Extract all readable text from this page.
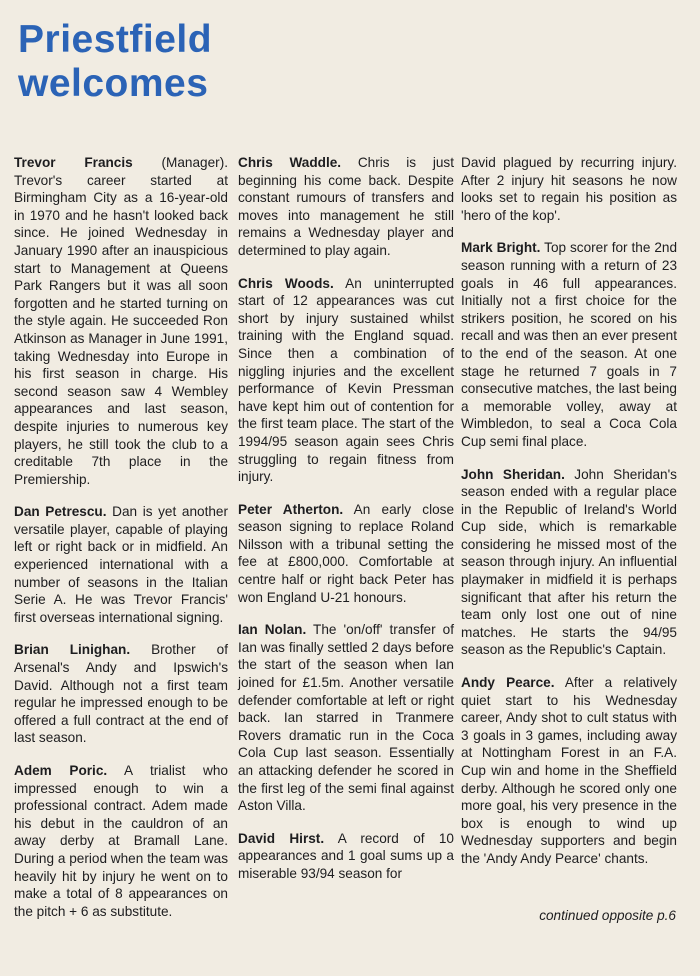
Priestfield
welcomes

Trevor Francis (Manager). Trevor's career started at Birmingham City as a 16-year-old in 1970 and he hasn't looked back since. He joined Wednesday in January 1990 after an inauspicious start to Management at Queens Park Rangers but it was all soon forgotten and he started turning on the style again. He succeeded Ron Atkinson as Manager in June 1991, taking Wednesday into Europe in his first season in charge. His second season saw 4 Wembley appearances and last season, despite injuries to numerous key players, he still took the club to a creditable 7th place in the Premiership.

Dan Petrescu. Dan is yet another versatile player, capable of playing left or right back or in midfield. An experienced international with a number of seasons in the Italian Serie A. He was Trevor Francis' first overseas international signing.

Brian Linighan. Brother of Arsenal's Andy and Ipswich's David. Although not a first team regular he impressed enough to be offered a full contract at the end of last season.

Adem Poric. A trialist who impressed enough to win a professional contract. Adem made his debut in the cauldron of an away derby at Bramall Lane. During a period when the team was heavily hit by injury he went on to make a total of 8 appearances on the pitch + 6 as substitute.

Chris Waddle. Chris is just beginning his come back. Despite constant rumours of transfers and moves into management he still remains a Wednesday player and determined to play again.

Chris Woods. An uninterrupted start of 12 appearances was cut short by injury sustained whilst training with the England squad. Since then a combination of niggling injuries and the excellent performance of Kevin Pressman have kept him out of contention for the first team place. The start of the 1994/95 season again sees Chris struggling to regain fitness from injury.

Peter Atherton. An early close season signing to replace Roland Nilsson with a tribunal setting the fee at £800,000. Comfortable at centre half or right back Peter has won England U-21 honours.

Ian Nolan. The 'on/off' transfer of Ian was finally settled 2 days before the start of the season when Ian joined for £1.5m. Another versatile defender comfortable at left or right back. Ian starred in Tranmere Rovers dramatic run in the Coca Cola Cup last season. Essentially an attacking defender he scored in the first leg of the semi final against Aston Villa.

David Hirst. A record of 10 appearances and 1 goal sums up a miserable 93/94 season for

David plagued by recurring injury. After 2 injury hit seasons he now looks set to regain his position as 'hero of the kop'.

Mark Bright. Top scorer for the 2nd season running with a return of 23 goals in 46 full appearances. Initially not a first choice for the strikers position, he scored on his recall and was then an ever present to the end of the season. At one stage he returned 7 goals in 7 consecutive matches, the last being a memorable volley, away at Wimbledon, to seal a Coca Cola Cup semi final place.

John Sheridan. John Sheridan's season ended with a regular place in the Republic of Ireland's World Cup side, which is remarkable considering he missed most of the season through injury. An influential playmaker in midfield it is perhaps significant that after his return the team only lost one out of nine matches. He starts the 94/95 season as the Republic's Captain.

Andy Pearce. After a relatively quiet start to his Wednesday career, Andy shot to cult status with 3 goals in 3 games, including away at Nottingham Forest in an F.A. Cup win and home in the Sheffield derby. Although he scored only one more goal, his very presence in the box is enough to wind up Wednesday supporters and begin the 'Andy Andy Pearce' chants.

continued opposite p.6
